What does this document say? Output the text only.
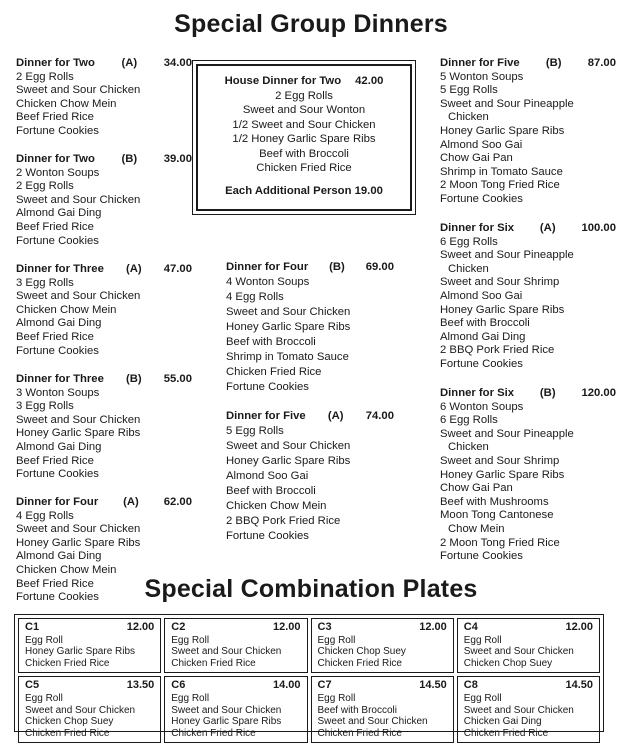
Special Group Dinners
House Dinner for Two 42.00
2 Egg Rolls
Sweet and Sour Wonton
1/2 Sweet and Sour Chicken
1/2 Honey Garlic Spare Ribs
Beef with Broccoli
Chicken Fried Rice
Each Additional Person 19.00
Special Combination Plates
Dinner for Two	(A)	34.00
2 Egg Rolls
Sweet and Sour Chicken
Chicken Chow Mein
Beef Fried Rice
Fortune Cookies
Dinner for Two	(B)	39.00
2 Wonton Soups
2 Egg Rolls
Sweet and Sour Chicken
Almond Gai Ding
Beef Fried Rice
Fortune Cookies
Dinner for Three	(A)	47.00
3 Egg Rolls
Sweet and Sour Chicken
Chicken Chow Mein
Almond Gai Ding
Beef Fried Rice
Fortune Cookies
Dinner for Three	(B)	55.00
3 Wonton Soups
3 Egg Rolls
Sweet and Sour Chicken
Honey Garlic Spare Ribs
Almond Gai Ding
Beef Fried Rice
Fortune Cookies
Dinner for Four	(A)	62.00
4 Egg Rolls
Sweet and Sour Chicken
Honey Garlic Spare Ribs
Almond Gai Ding
Chicken Chow Mein
Beef Fried Rice
Fortune Cookies
Dinner for Four	(B)	69.00
4 Wonton Soups
4 Egg Rolls
Sweet and Sour Chicken
Honey Garlic Spare Ribs
Beef with Broccoli
Shrimp in Tomato Sauce
Chicken Fried Rice
Fortune Cookies
Dinner for Five	(A)	74.00
5 Egg Rolls
Sweet and Sour Chicken
Honey Garlic Spare Ribs
Almond Soo Gai
Beef with Broccoli
Chicken Chow Mein
2 BBQ Pork Fried Rice
Fortune Cookies
Dinner for Five	(B)	87.00
5 Wonton Soups
5 Egg Rolls
Sweet and Sour Pineapple
Chicken
Honey Garlic Spare Ribs
Almond Soo Gai
Chow Gai Pan
Shrimp in Tomato Sauce
2 Moon Tong Fried Rice
Fortune Cookies
Dinner for Six	(A)	100.00
6 Egg Rolls
Sweet and Sour Pineapple
Chicken
Sweet and Sour Shrimp
Almond Soo Gai
Honey Garlic Spare Ribs
Beef with Broccoli
Almond Gai Ding
2 BBQ Pork Fried Rice
Fortune Cookies
Dinner for Six	(B)	120.00
6 Wonton Soups
6 Egg Rolls
Sweet and Sour Pineapple
Chicken
Sweet and Sour Shrimp
Honey Garlic Spare Ribs
Chow Gai Pan
Beef with Mushrooms
Moon Tong Cantonese
Chow Mein
2 Moon Tong Fried Rice
Fortune Cookies
C1	12.00
Egg Roll
Honey Garlic Spare Ribs
Chicken Fried Rice
C2	12.00
Egg Roll
Sweet and Sour Chicken
Chicken Fried Rice
C3	12.00
Egg Roll
Chicken Chop Suey
Chicken Fried Rice
C4	12.00
Egg Roll
Sweet and Sour Chicken
Chicken Chop Suey
C5	13.50
Egg Roll
Sweet and Sour Chicken
Chicken Chop Suey
Chicken Fried Rice
C6	14.00
Egg Roll
Sweet and Sour Chicken
Honey Garlic Spare Ribs
Chicken Fried Rice
C7	14.50
Egg Roll
Beef with Broccoli
Sweet and Sour Chicken
Chicken Fried Rice
C8	14.50
Egg Roll
Sweet and Sour Chicken
Chicken Gai Ding
Chicken Fried Rice
